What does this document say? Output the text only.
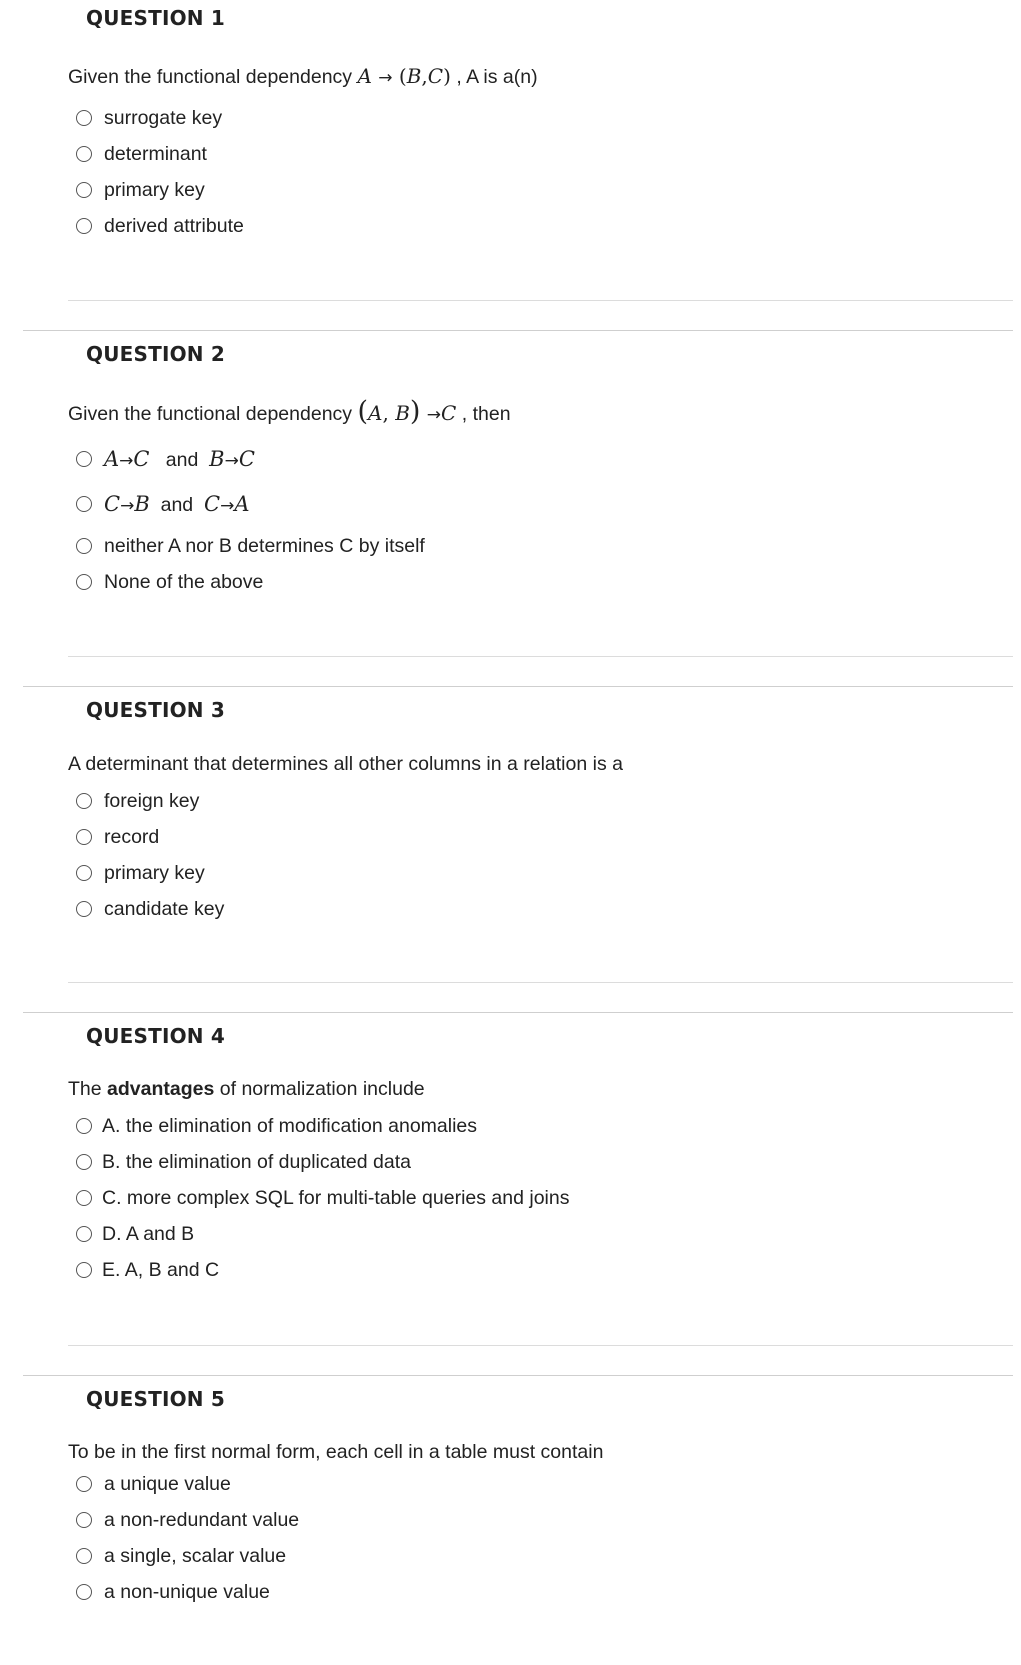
QUESTION 1
Given the functional dependency A → (B,C) , A is a(n)
surrogate key
determinant
primary key
derived attribute
QUESTION 2
Given the functional dependency (A, B) →C , then
A→C and B→C
C→B and C→A
neither A nor B determines C by itself
None of the above
QUESTION 3
A determinant that determines all other columns in a relation is a
foreign key
record
primary key
candidate key
QUESTION 4
The advantages of normalization include
A. the elimination of modification anomalies
B. the elimination of duplicated data
C. more complex SQL for multi-table queries and joins
D. A and B
E. A, B and C
QUESTION 5
To be in the first normal form, each cell in a table must contain
a unique value
a non-redundant value
a single, scalar value
a non-unique value
